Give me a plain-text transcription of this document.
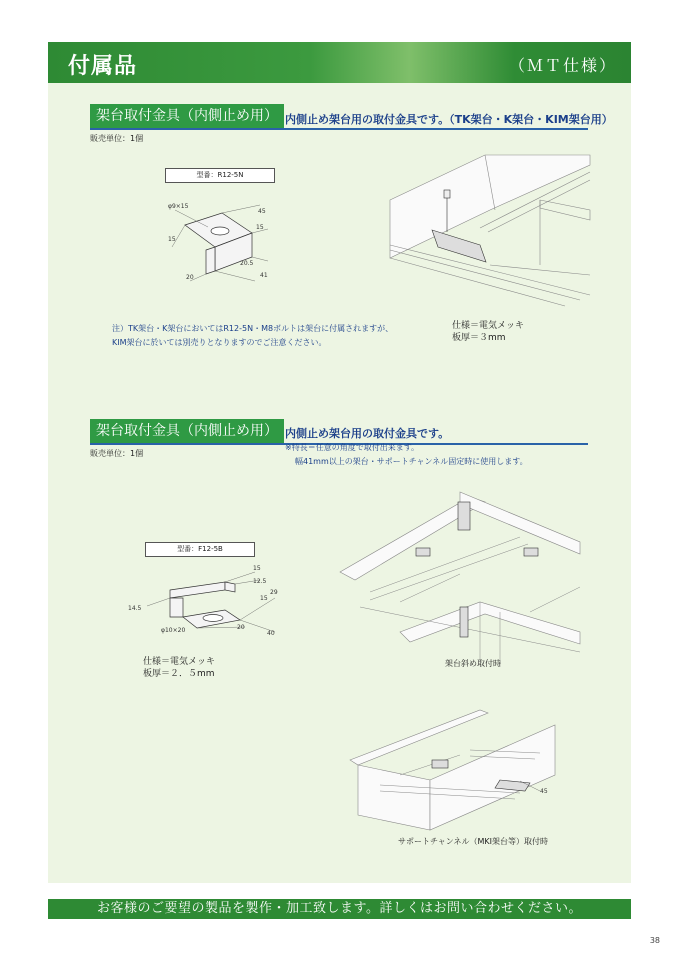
付属品	（ＭＴ仕様）
架台取付金具（内側止め用） 内側止め架台用の取付金具です。（TK架台・K架台・KIM架台用）
販売単位：1個
型番：R12-5N
φ9×15
45
15
15
20.5
20	41
注）TK架台・K架台においてはR12-5N・M8ボルトは架台に付属されますが、
KIM架台に於いては別売りとなりますのでご注意ください。
仕様＝電気メッキ
板厚＝３mm
架台取付金具（内側止め用） 内側止め架台用の取付金具です。
販売単位：1個
※特長＝任意の角度で取付出来ます。
幅41mm以上の架台・サポートチャンネル固定時に使用します。
型番：F12-5B
15
12.5
29
15
14.5
φ10×20	20
40
仕様＝電気メッキ
板厚＝２．５mm
架台斜め取付時
45
サポートチャンネル（MKI架台等）取付時
お客様のご要望の製品を製作・加工致します。詳しくはお問い合わせください。
38
